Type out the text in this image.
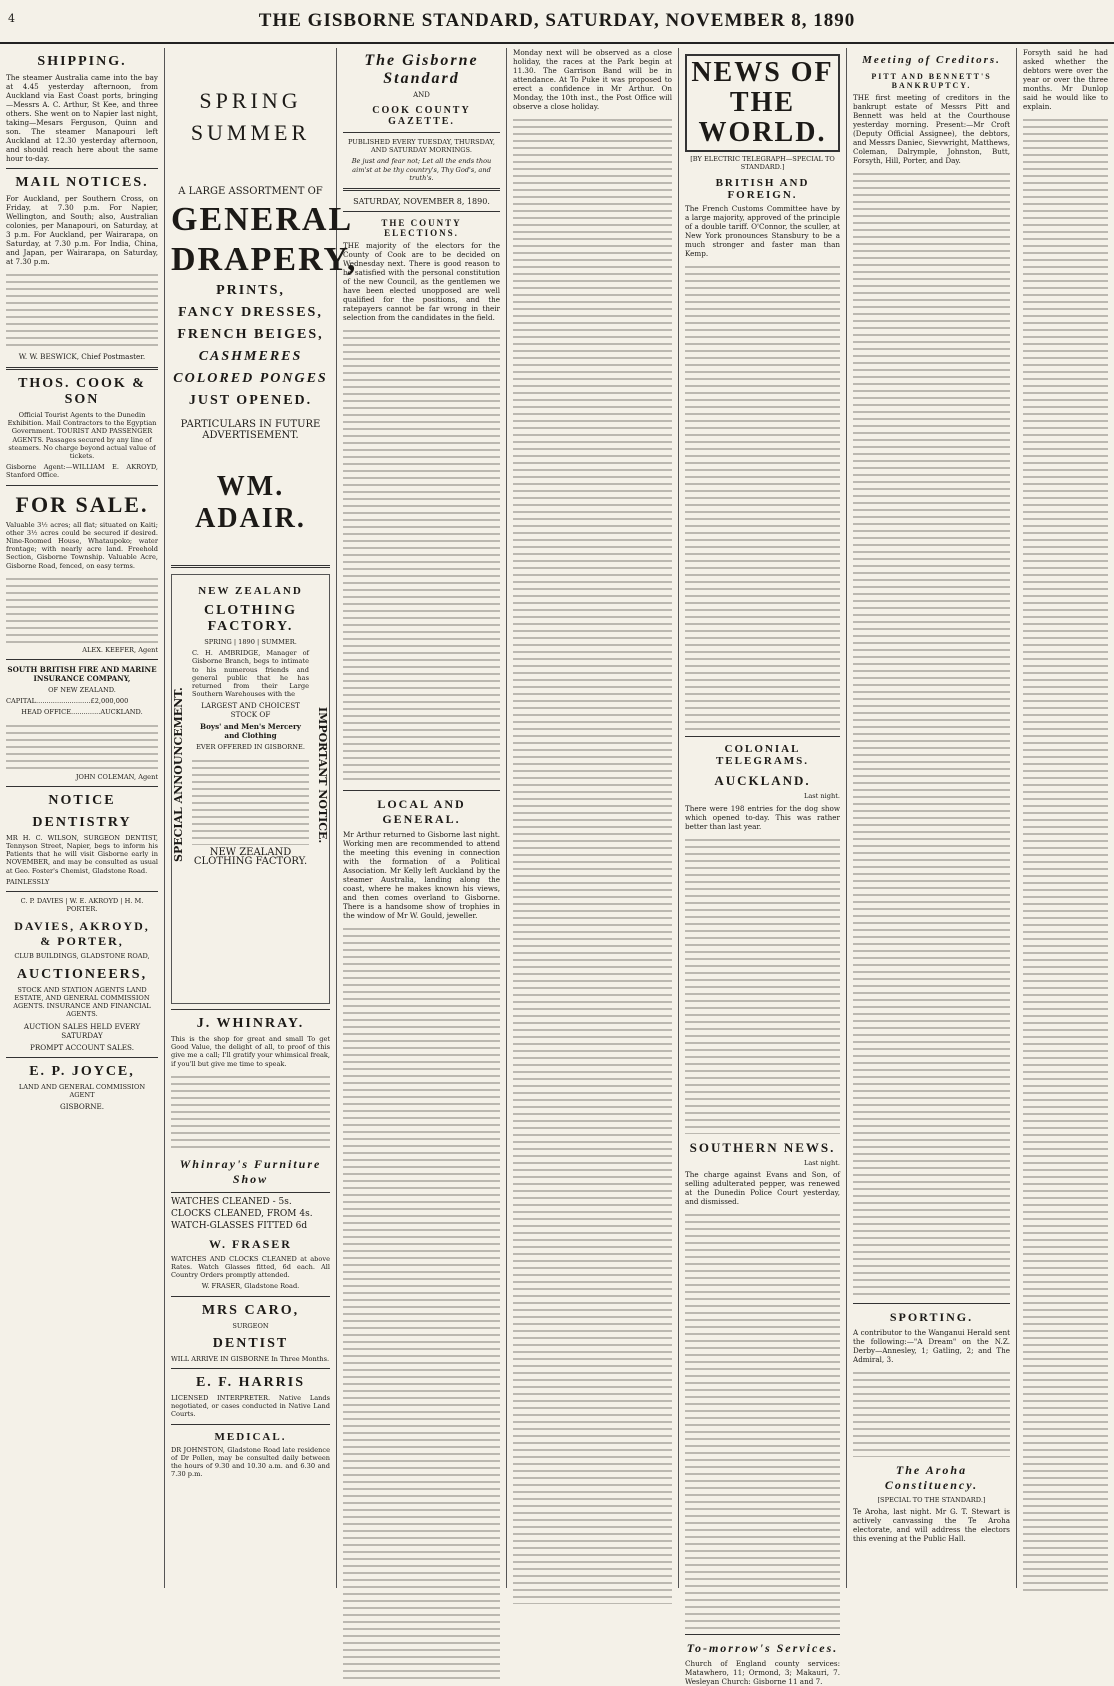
4	THE GISBORNE STANDARD, SATURDAY, NOVEMBER 8, 1890
SHIPPING.

The steamer Australia came into the bay at 4.45 yesterday afternoon, from Auckland via East Coast ports, bringing—Messrs A. C. Arthur, St Kee, and three others. She went on to Napier last night, taking—Mesars Ferguson, Quinn and son. The steamer Manapouri left Auckland at 12.30 yesterday afternoon, and should reach here about the same hour to-day.

MAIL NOTICES.

For Auckland, per Southern Cross, on Friday, at 7.30 p.m. For Napier, Wellington, and South; also, Australian colonies, per Manapouri, on Saturday, at 3 p.m. For Auckland, per Wairarapa, on Saturday, at 7.30 p.m. For India, China, and Japan, per Wairarapa, on Saturday, at 7.30 p.m.

W. W. BESWICK, Chief Postmaster.

THOS. COOK & SON

Official Tourist Agents to the Dunedin Exhibition. Mail Contractors to the Egyptian Government. TOURIST AND PASSENGER AGENTS. Passages secured by any line of steamers. No charge beyond actual value of tickets.

Gisborne Agent:—WILLIAM E. AKROYD, Stanford Office.

FOR SALE.

Valuable 3½ acres; all flat; situated on Kaiti; other 3½ acres could be secured if desired. Nine-Roomed House, Whataupoko; water frontage; with nearly acre land. Freehold Section, Gisborne Township. Valuable Acre, Gisborne Road, fenced, on easy terms.

ALEX. KEEFER, Agent

SOUTH BRITISH FIRE AND MARINE INSURANCE COMPANY,

OF NEW ZEALAND.

CAPITAL..........................£2,000,000

HEAD OFFICE..............AUCKLAND.

JOHN COLEMAN, Agent

NOTICE
DENTISTRY

MR H. C. WILSON, SURGEON DENTIST, Tennyson Street, Napier, begs to inform his Patients that he will visit Gisborne early in NOVEMBER, and may be consulted as usual at Geo. Foster's Chemist, Gladstone Road.

PAINLESSLY

C. P. DAVIES | W. E. AKROYD | H. M. PORTER.

DAVIES, AKROYD, & PORTER,

CLUB BUILDINGS, GLADSTONE ROAD,

AUCTIONEERS,

STOCK AND STATION AGENTS LAND ESTATE, AND GENERAL COMMISSION AGENTS. INSURANCE AND FINANCIAL AGENTS.

AUCTION SALES HELD EVERY SATURDAY

PROMPT ACCOUNT SALES.

E. P. JOYCE,

LAND AND GENERAL COMMISSION AGENT

GISBORNE.

SPRING
SUMMER

A LARGE ASSORTMENT OF

GENERAL
DRAPERY,
PRINTS,
FANCY DRESSES,
FRENCH BEIGES,
CASHMERES
COLORED PONGES
JUST OPENED.

PARTICULARS IN FUTURE ADVERTISEMENT.

WM. ADAIR.
SPECIAL ANNOUNCEMENT.	IMPORTANT NOTICE.
NEW ZEALAND
CLOTHING FACTORY.

SPRING | 1890 | SUMMER.

C. H. AMBRIDGE, Manager of Gisborne Branch, begs to intimate to his numerous friends and general public that he has returned from their Large Southern Warehouses with the

LARGEST AND CHOICEST STOCK OF

Boys' and Men's Mercery and Clothing

EVER OFFERED IN GISBORNE.

NEW ZEALAND CLOTHING FACTORY.

J. WHINRAY.

This is the shop for great and small To get Good Value, the delight of all, to proof of this give me a call; I'll gratify your whimsical freak, if you'll but give me time to speak.

Whinray's Furniture Show

WATCHES CLEANED - 5s.

CLOCKS CLEANED, FROM 4s.

WATCH-GLASSES FITTED 6d

W. FRASER

WATCHES AND CLOCKS CLEANED at above Rates. Watch Glasses fitted, 6d each. All Country Orders promptly attended.

W. FRASER, Gladstone Road.

MRS CARO,

SURGEON

DENTIST

WILL ARRIVE IN GISBORNE In Three Months.

E. F. HARRIS

LICENSED INTERPRETER. Native Lands negotiated, or cases conducted in Native Land Courts.

MEDICAL.

DR JOHNSTON, Gladstone Road late residence of Dr Pollen, may be consulted daily between the hours of 9.30 and 10.30 a.m. and 6.30 and 7.30 p.m.

The Gisborne Standard

AND

COOK COUNTY GAZETTE.

PUBLISHED EVERY TUESDAY, THURSDAY, AND SATURDAY MORNINGS.

Be just and fear not; Let all the ends thou aim'st at be thy country's, Thy God's, and truth's.

SATURDAY, NOVEMBER 8, 1890.

THE COUNTY ELECTIONS.

THE majority of the electors for the County of Cook are to be decided on Wednesday next. There is good reason to be satisfied with the personal constitution of the new Council, as the gentlemen we have been elected unopposed are well qualified for the positions, and the ratepayers cannot be far wrong in their selection from the candidates in the field.

LOCAL AND GENERAL.

Mr Arthur returned to Gisborne last night. Working men are recommended to attend the meeting this evening in connection with the formation of a Political Association. Mr Kelly left Auckland by the steamer Australia, landing along the coast, where he makes known his views, and then comes overland to Gisborne. There is a handsome show of trophies in the window of Mr W. Gould, jeweller.

Monday next will be observed as a close holiday, the races at the Park begin at 11.30. The Garrison Band will be in attendance. At To Puke it was proposed to erect a confidence in Mr Arthur. On Monday, the 10th inst., the Post Office will observe a close holiday.

NEWS OF THE WORLD.

[BY ELECTRIC TELEGRAPH—SPECIAL TO STANDARD.]

BRITISH AND FOREIGN.

The French Customs Committee have by a large majority, approved of the principle of a double tariff. O'Connor, the sculler, at New York pronounces Stansbury to be a much stronger and faster man than Kemp.

COLONIAL TELEGRAMS.
AUCKLAND.

Last night.

There were 198 entries for the dog show which opened to-day. This was rather better than last year.

SOUTHERN NEWS.

Last night.

The charge against Evans and Son, of selling adulterated pepper, was renewed at the Dunedin Police Court yesterday, and dismissed.

To-morrow's Services.

Church of England county services: Matawhero, 11; Ormond, 3; Makauri, 7. Wesleyan Church: Gisborne 11 and 7.

Meeting of Creditors.
PITT AND BENNETT'S BANKRUPTCY.

THE first meeting of creditors in the bankrupt estate of Messrs Pitt and Bennett was held at the Courthouse yesterday morning. Present:—Mr Croft (Deputy Official Assignee), the debtors, and Messrs Daniec, Sievwright, Matthews, Coleman, Dalrymple, Johnston, Butt, Forsyth, Hill, Porter, and Day.

SPORTING.

A contributor to the Wanganui Herald sent the following:—"A Dream" on the N.Z. Derby—Annesley, 1; Gatling, 2; and The Admiral, 3.

The Aroha Constituency.

[SPECIAL TO THE STANDARD.]

Te Aroha, last night. Mr G. T. Stewart is actively canvassing the Te Aroha electorate, and will address the electors this evening at the Public Hall.

Forsyth said he had asked whether the debtors were over the year or over the three months. Mr Dunlop said he would like to explain.
